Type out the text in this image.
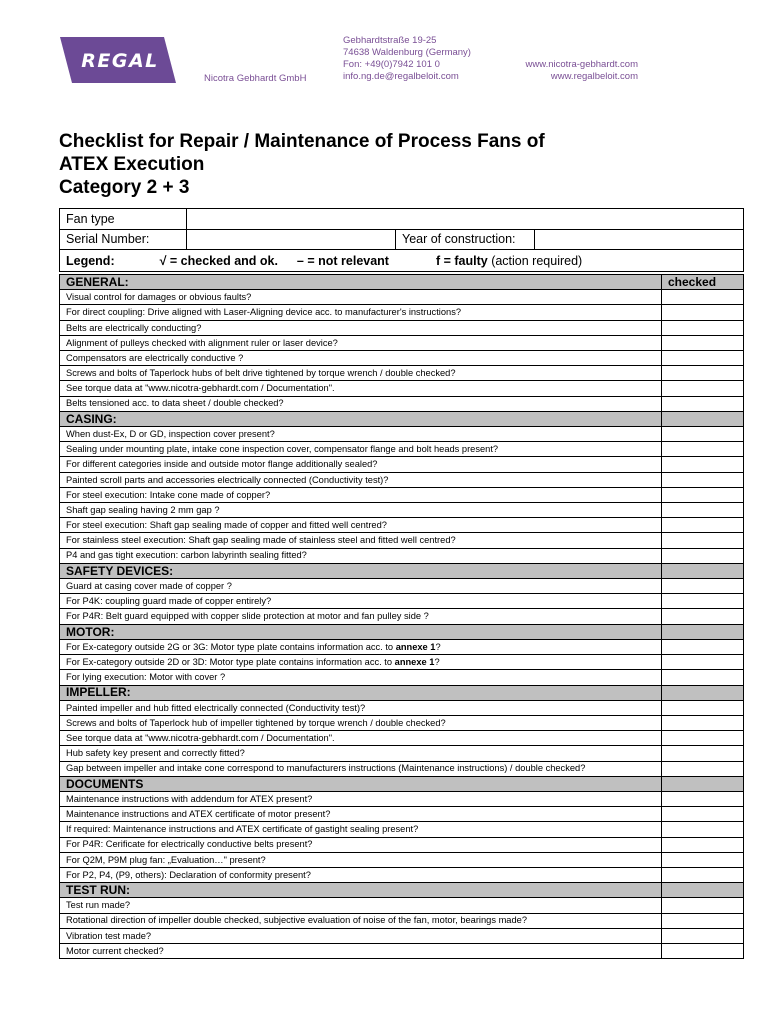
REGAL
Nicotra Gebhardt GmbH
Gebhardtstraße 19-25
74638 Waldenburg (Germany)
Fon: +49(0)7942 101 0
info.ng.de@regalbeloit.com
www.nicotra-gebhardt.com
www.regalbeloit.com
Checklist for Repair / Maintenance of Process Fans of
ATEX Execution
Category 2 + 3
Fan type			
Serial Number:		Year of construction:	
Legend: √ = checked and ok. – = not relevant f = faulty (action required)			
GENERAL:	checked
Visual control for damages or obvious faults?	
For direct coupling: Drive aligned with Laser-Aligning device acc. to manufacturer's instructions?	
Belts are electrically conducting?	
Alignment of pulleys checked with alignment ruler or laser device?	
Compensators are electrically conductive ?	
Screws and bolts of Taperlock hubs of belt drive tightened by torque wrench / double checked?	
See torque data at "www.nicotra-gebhardt.com / Documentation".	
Belts tensioned acc. to data sheet / double checked?	
CASING:	
When dust-Ex, D or GD, inspection cover present?	
Sealing under mounting plate, intake cone inspection cover, compensator flange and bolt heads present?	
For different categories inside and outside motor flange additionally sealed?	
Painted scroll parts and accessories electrically connected (Conductivity test)?	
For steel execution: Intake cone made of copper?	
Shaft gap sealing having 2 mm gap ?	
For steel execution: Shaft gap sealing made of copper and fitted well centred?	
For stainless steel execution: Shaft gap sealing made of stainless steel and fitted well centred?	
P4 and gas tight execution: carbon labyrinth sealing fitted?	
SAFETY DEVICES:	
Guard at casing cover made of copper ?	
For P4K: coupling guard made of copper entirely?	
For P4R: Belt guard equipped with copper slide protection at motor and fan pulley side ?	
MOTOR:	
For Ex-category outside 2G or 3G: Motor type plate contains information acc. to annexe 1?	
For Ex-category outside 2D or 3D: Motor type plate contains information acc. to annexe 1?	
For lying execution: Motor with cover ?	
IMPELLER:	
Painted impeller and hub fitted electrically connected (Conductivity test)?	
Screws and bolts of Taperlock hub of impeller tightened by torque wrench / double checked?	
See torque data at "www.nicotra-gebhardt.com / Documentation".	
Hub safety key present and correctly fitted?	
Gap between impeller and intake cone correspond to manufacturers instructions (Maintenance instructions) / double checked?	
DOCUMENTS	
Maintenance instructions with addendum for ATEX present?	
Maintenance instructions and ATEX certificate of motor present?	
If required: Maintenance instructions and ATEX certificate of gastight sealing present?	
For P4R: Cerificate for electrically conductive belts present?	
For Q2M, P9M plug fan: „Evaluation…" present?	
For P2, P4, (P9, others): Declaration of conformity present?	
TEST RUN:	
Test run made?	
Rotational direction of impeller double checked, subjective evaluation of noise of the fan, motor, bearings made?	
Vibration test made?	
Motor current checked?	
